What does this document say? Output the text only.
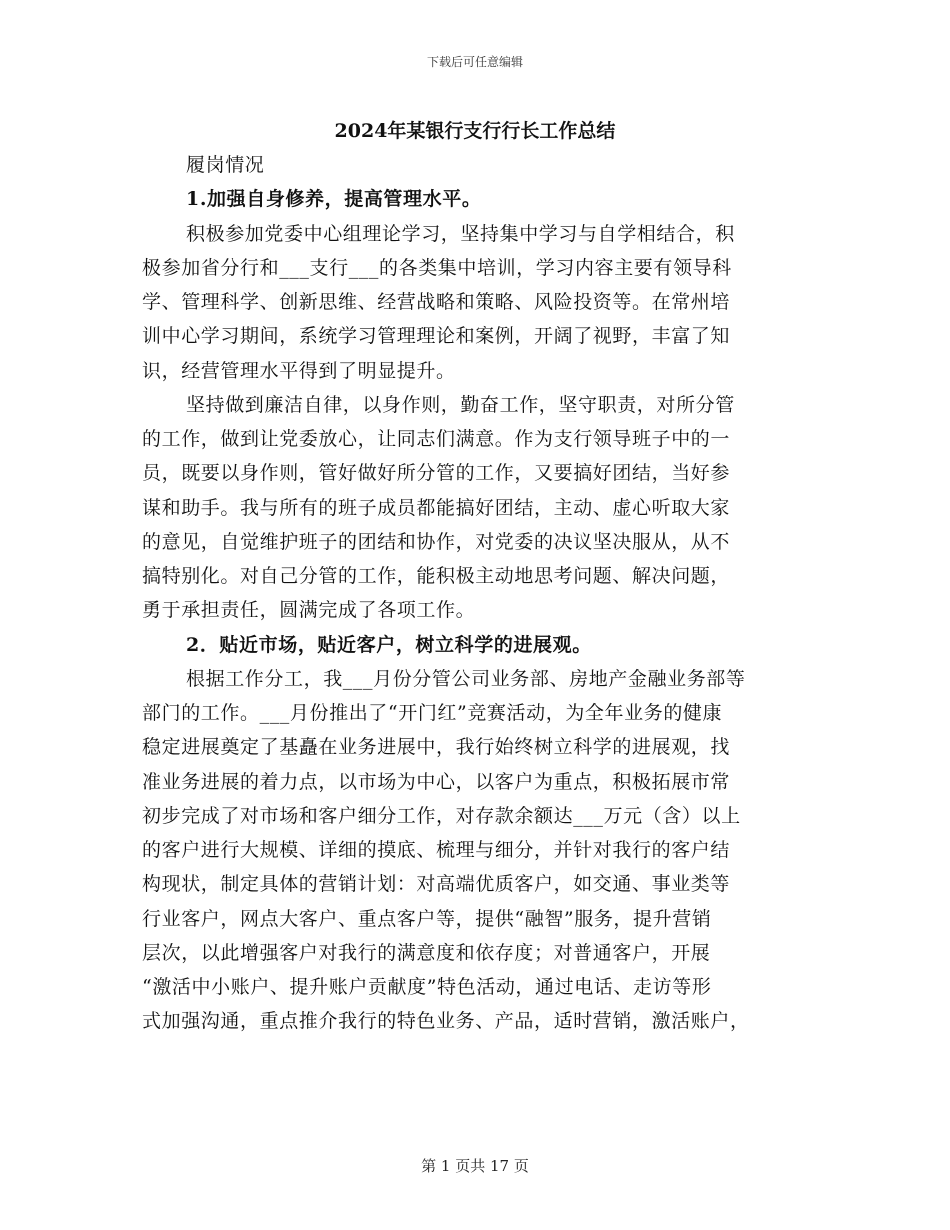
下载后可任意编辑
2024年某银行支行行长工作总结
履岗情况
1.加强自身修养，提高管理水平。
积极参加党委中心组理论学习，坚持集中学习与自学相结合，积
极参加省分行和___支行___的各类集中培训，学习内容主要有领导科
学、管理科学、创新思维、经营战略和策略、风险投资等。在常州培
训中心学习期间，系统学习管理理论和案例，开阔了视野，丰富了知
识，经营管理水平得到了明显提升。
坚持做到廉洁自律，以身作则，勤奋工作，坚守职责，对所分管
的工作，做到让党委放心，让同志们满意。作为支行领导班子中的一
员，既要以身作则，管好做好所分管的工作，又要搞好团结，当好参
谋和助手。我与所有的班子成员都能搞好团结，主动、虚心听取大家
的意见，自觉维护班子的团结和协作，对党委的决议坚决服从，从不
搞特别化。对自己分管的工作，能积极主动地思考问题、解决问题，
勇于承担责任，圆满完成了各项工作。
2．贴近市场，贴近客户，树立科学的进展观。
根据工作分工，我___月份分管公司业务部、房地产金融业务部等
部门的工作。___月份推出了“开门红”竞赛活动，为全年业务的健康
稳定进展奠定了基矗在业务进展中，我行始终树立科学的进展观，找
准业务进展的着力点，以市场为中心，以客户为重点，积极拓展市常
初步完成了对市场和客户细分工作，对存款余额达___万元（含）以上
的客户进行大规模、详细的摸底、梳理与细分，并针对我行的客户结
构现状，制定具体的营销计划：对高端优质客户，如交通、事业类等
行业客户，网点大客户、重点客户等，提供“融智”服务，提升营销
层次，以此增强客户对我行的满意度和依存度；对普通客户，开展
“激活中小账户、提升账户贡献度”特色活动，通过电话、走访等形
式加强沟通，重点推介我行的特色业务、产品，适时营销，激活账户，
第 1 页共 17 页
